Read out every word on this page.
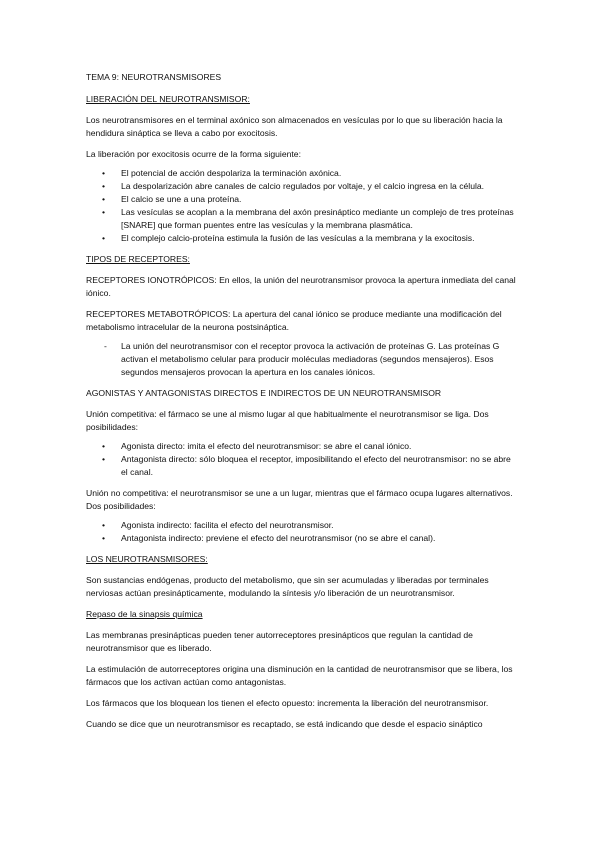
TEMA 9: NEUROTRANSMISORES
LIBERACIÓN DEL NEUROTRANSMISOR:
Los neurotransmisores en el terminal axónico son almacenados en vesículas por lo que su liberación hacia la hendidura sináptica se lleva a cabo por exocitosis.
La liberación por exocitosis ocurre de la forma siguiente:
• El potencial de acción despolariza la terminación axónica.
• La despolarización abre canales de calcio regulados por voltaje, y el calcio ingresa en la célula.
• El calcio se une a una proteína.
• Las vesículas se acoplan a la membrana del axón presináptico mediante un complejo de tres proteínas [SNARE] que forman puentes entre las vesículas y la membrana plasmática.
• El complejo calcio-proteína estimula la fusión de las vesículas a la membrana y la exocitosis.
TIPOS DE RECEPTORES:
RECEPTORES IONOTRÓPICOS: En ellos, la unión del neurotransmisor provoca la apertura inmediata del canal iónico.
RECEPTORES METABOTRÓPICOS: La apertura del canal iónico se produce mediante una modificación del metabolismo intracelular de la neurona postsináptica.
- La unión del neurotransmisor con el receptor provoca la activación de proteínas G. Las proteínas G activan el metabolismo celular para producir moléculas mediadoras (segundos mensajeros). Esos segundos mensajeros provocan la apertura en los canales iónicos.
AGONISTAS Y ANTAGONISTAS DIRECTOS E INDIRECTOS DE UN NEUROTRANSMISOR
Unión competitiva: el fármaco se une al mismo lugar al que habitualmente el neurotransmisor se liga. Dos posibilidades:
• Agonista directo: imita el efecto del neurotransmisor: se abre el canal iónico.
• Antagonista directo: sólo bloquea el receptor, imposibilitando el efecto del neurotransmisor: no se abre el canal.
Unión no competitiva: el neurotransmisor se une a un lugar, mientras que el fármaco ocupa lugares alternativos. Dos posibilidades:
• Agonista indirecto: facilita el efecto del neurotransmisor.
• Antagonista indirecto: previene el efecto del neurotransmisor (no se abre el canal).
LOS NEUROTRANSMISORES:
Son sustancias endógenas, producto del metabolismo, que sin ser acumuladas y liberadas por terminales nerviosas actúan presinápticamente, modulando la síntesis y/o liberación de un neurotransmisor.
Repaso de la sinapsis química
Las membranas presinápticas pueden tener autorreceptores presinápticos que regulan la cantidad de neurotransmisor que es liberado.
La estimulación de autorreceptores origina una disminución en la cantidad de neurotransmisor que se libera, los fármacos que los activan actúan como antagonistas.
Los fármacos que los bloquean los tienen el efecto opuesto: incrementa la liberación del neurotransmisor.
Cuando se dice que un neurotransmisor es recaptado, se está indicando que desde el espacio sináptico
